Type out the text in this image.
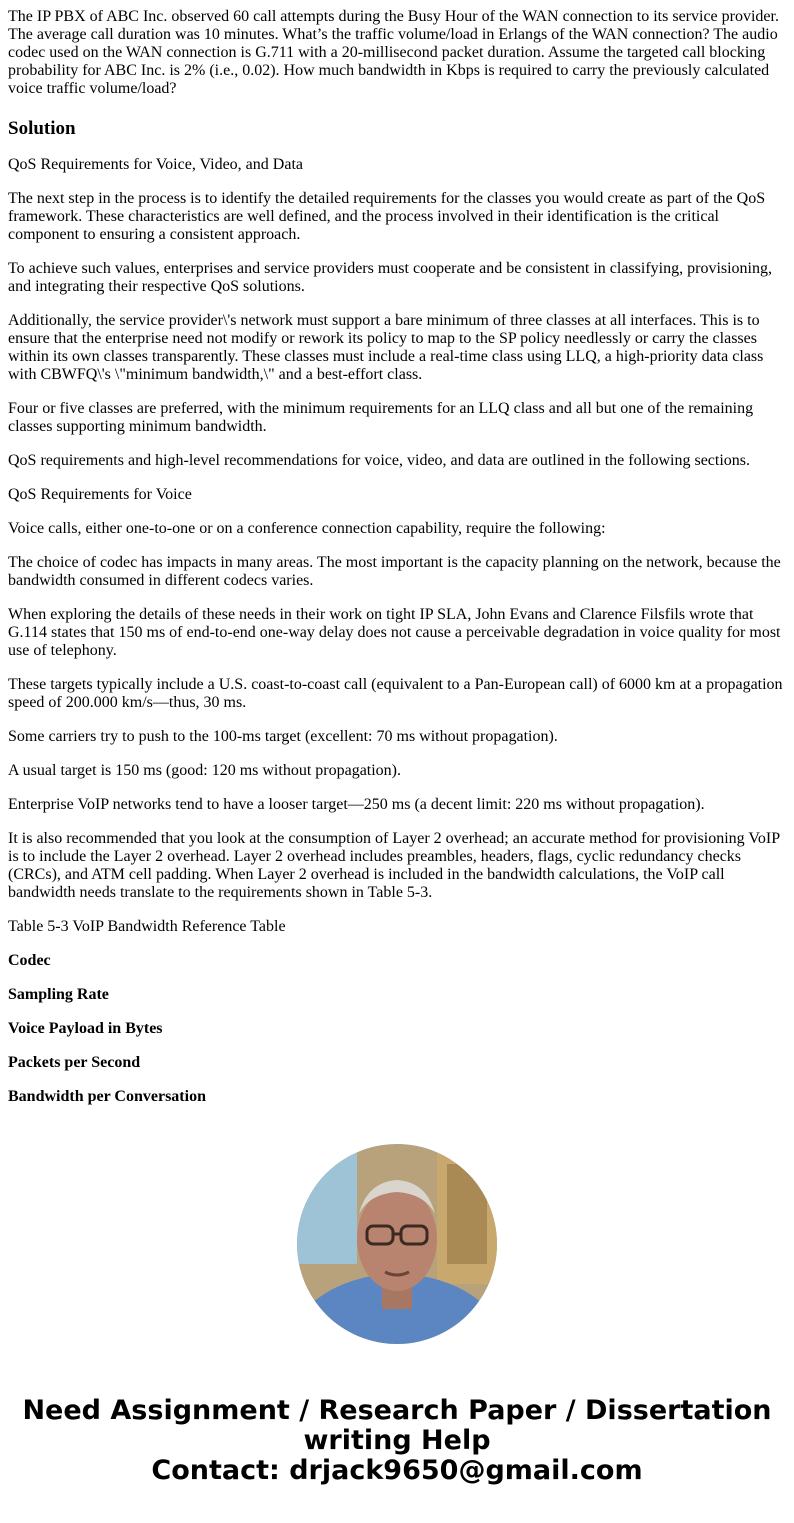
The IP PBX of ABC Inc. observed 60 call attempts during the Busy Hour of the WAN connection to its service provider. The average call duration was 10 minutes. What’s the traffic volume/load in Erlangs of the WAN connection? The audio codec used on the WAN connection is G.711 with a 20-millisecond packet duration. Assume the targeted call blocking probability for ABC Inc. is 2% (i.e., 0.02). How much bandwidth in Kbps is required to carry the previously calculated voice traffic volume/load?

Solution

QoS Requirements for Voice, Video, and Data

The next step in the process is to identify the detailed requirements for the classes you would create as part of the QoS framework. These characteristics are well defined, and the process involved in their identification is the critical component to ensuring a consistent approach.

To achieve such values, enterprises and service providers must cooperate and be consistent in classifying, provisioning, and integrating their respective QoS solutions.

Additionally, the service provider\'s network must support a bare minimum of three classes at all interfaces. This is to ensure that the enterprise need not modify or rework its policy to map to the SP policy needlessly or carry the classes within its own classes transparently. These classes must include a real-time class using LLQ, a high-priority data class with CBWFQ\'s \"minimum bandwidth,\" and a best-effort class.

Four or five classes are preferred, with the minimum requirements for an LLQ class and all but one of the remaining classes supporting minimum bandwidth.

QoS requirements and high-level recommendations for voice, video, and data are outlined in the following sections.

QoS Requirements for Voice

Voice calls, either one-to-one or on a conference connection capability, require the following:

The choice of codec has impacts in many areas. The most important is the capacity planning on the network, because the bandwidth consumed in different codecs varies.

When exploring the details of these needs in their work on tight IP SLA, John Evans and Clarence Filsfils wrote that G.114 states that 150 ms of end-to-end one-way delay does not cause a perceivable degradation in voice quality for most use of telephony.

These targets typically include a U.S. coast-to-coast call (equivalent to a Pan-European call) of 6000 km at a propagation speed of 200.000 km/s—thus, 30 ms.

Some carriers try to push to the 100-ms target (excellent: 70 ms without propagation).

A usual target is 150 ms (good: 120 ms without propagation).

Enterprise VoIP networks tend to have a looser target—250 ms (a decent limit: 220 ms without propagation).

It is also recommended that you look at the consumption of Layer 2 overhead; an accurate method for provisioning VoIP is to include the Layer 2 overhead. Layer 2 overhead includes preambles, headers, flags, cyclic redundancy checks (CRCs), and ATM cell padding. When Layer 2 overhead is included in the bandwidth calculations, the VoIP call bandwidth needs translate to the requirements shown in Table 5-3.

Table 5-3 VoIP Bandwidth Reference Table

Codec

Sampling Rate

Voice Payload in Bytes

Packets per Second

Bandwidth per Conversation

Need Assignment / Research Paper / Dissertation writing Help
Contact: drjack9650@gmail.com
